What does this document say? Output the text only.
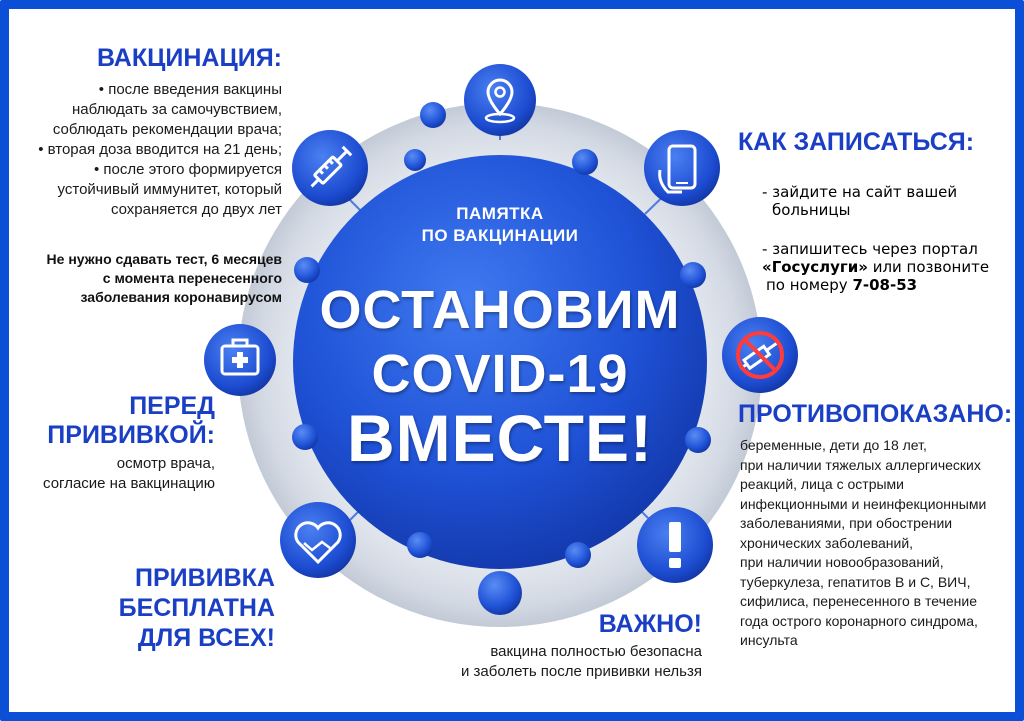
ПАМЯТКА
ПО ВАКЦИНАЦИИ
ОСТАНОВИМ
COVID-19
ВМЕСТЕ!
ВАКЦИНАЦИЯ:
• после введения вакцины
наблюдать за самочувствием,
соблюдать рекомендации врача;
• вторая доза вводится на 21 день;
• после этого формируется
устойчивый иммунитет, который
сохраняется до двух лет
Не нужно сдавать тест, 6 месяцев
с момента перенесенного
заболевания коронавирусом
ПЕРЕД
ПРИВИВКОЙ:
осмотр врача,
согласие на вакцинацию
ПРИВИВКА
БЕСПЛАТНА
ДЛЯ ВСЕХ!	ВАЖНО!
вакцина полностью безопасна
и заболеть после прививки нельзя
КАК ЗАПИСАТЬСЯ:
- зайдите на сайт вашей
больницы
- запишитесь через портал
«Госуслуги» или позвоните
по номеру 7-08-53
ПРОТИВОПОКАЗАНО:
беременные, дети до 18 лет,
при наличии тяжелых аллергических
реакций, лица с острыми
инфекционными и неинфекционными
заболеваниями, при обострении
хронических заболеваний,
при наличии новообразований,
туберкулеза, гепатитов В и С, ВИЧ,
сифилиса, перенесенного в течение
года острого коронарного синдрома,
инсульта
